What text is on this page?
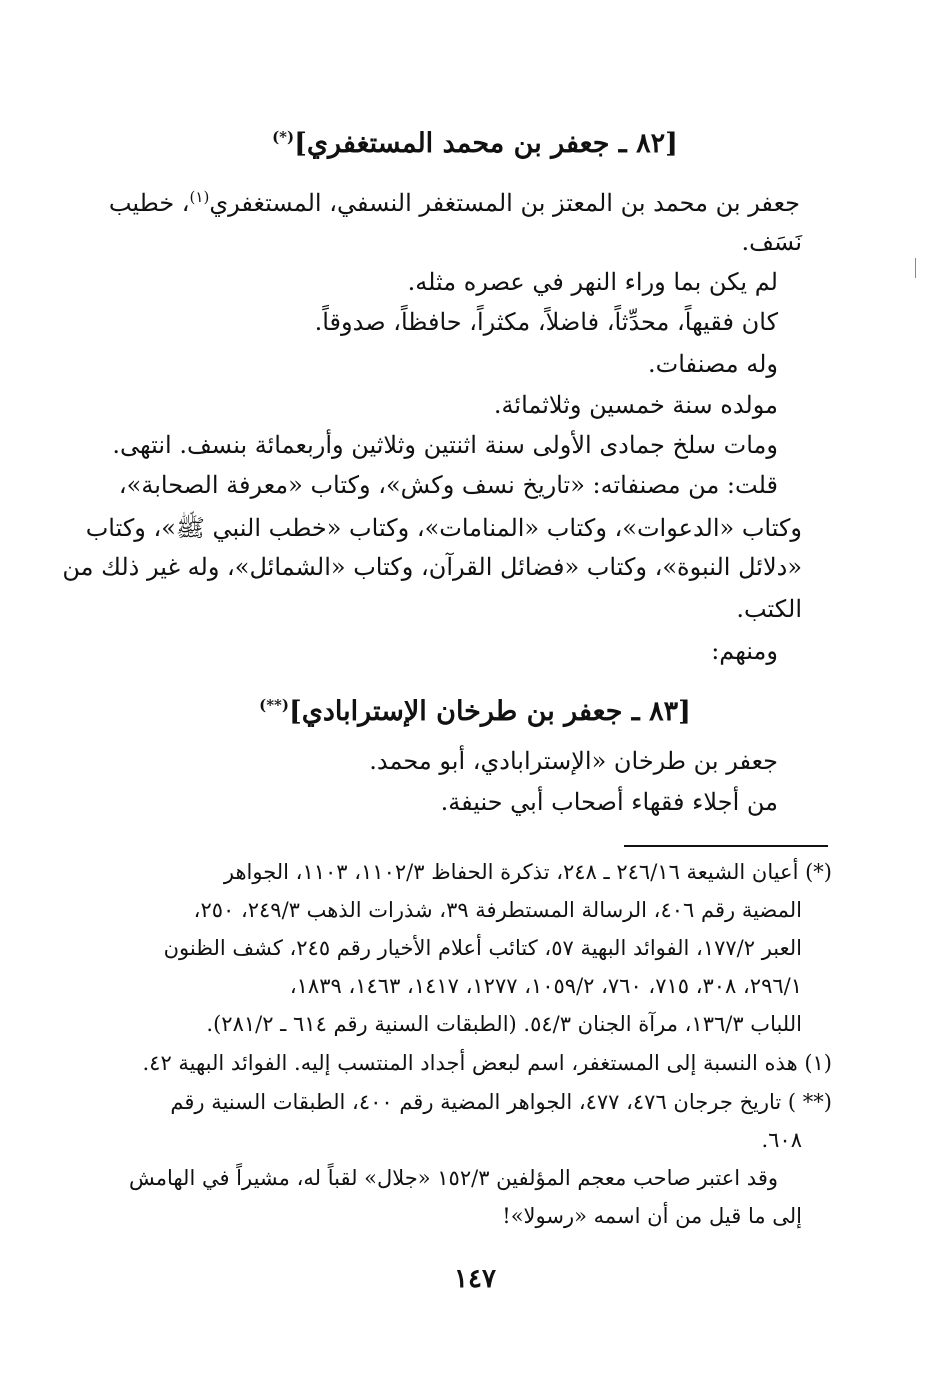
[٨٢ ـ جعفر بن محمد المستغفري](*)
جعفر بن محمد بن المعتز بن المستغفر النسفي، المستغفري$^{(١)}$، خطيب
نَسَف.
لم يكن بما وراء النهر في عصره مثله.
كان فقيهاً، محدِّثاً، فاضلاً، مكثراً، حافظاً، صدوقاً.
وله مصنفات.
مولده سنة خمسين وثلاثمائة.
ومات سلخ جمادى الأولى سنة اثنتين وثلاثين وأربعمائة بنسف. انتهى.
قلت: من مصنفاته: «تاريخ نسف وكش»، وكتاب «معرفة الصحابة»،
وكتاب «الدعوات»، وكتاب «المنامات»، وكتاب «خطب النبي ﷺ»، وكتاب
«دلائل النبوة»، وكتاب «فضائل القرآن، وكتاب «الشمائل»، وله غير ذلك من
الكتب.
ومنهم:
[٨٣ ـ جعفر بن طرخان الإسترابادي](**)
جعفر بن طرخان «الإسترابادي، أبو محمد.
من أجلاء فقهاء أصحاب أبي حنيفة.
(*) أعيان الشيعة ٢٤٦/١٦ ـ ٢٤٨، تذكرة الحفاظ ١١٠٢/٣، ١١٠٣، الجواهر
المضية رقم ٤٠٦، الرسالة المستطرفة ٣٩، شذرات الذهب ٢٤٩/٣، ٢٥٠،
العبر ١٧٧/٢، الفوائد البهية ٥٧، كتائب أعلام الأخيار رقم ٢٤٥، كشف الظنون
٢٩٦/١، ٣٠٨، ٧١٥، ٧٦٠، ١٠٥٩/٢، ١٢٧٧، ١٤١٧، ١٤٦٣، ١٨٣٩،
اللباب ١٣٦/٣، مرآة الجنان ٥٤/٣. (الطبقات السنية رقم ٦١٤ ـ ٢٨١/٢).
(١) هذه النسبة إلى المستغفر، اسم لبعض أجداد المنتسب إليه. الفوائد البهية ٤٢.
(** ) تاريخ جرجان ٤٧٦، ٤٧٧، الجواهر المضية رقم ٤٠٠، الطبقات السنية رقم
٦٠٨.
وقد اعتبر صاحب معجم المؤلفين ١٥٢/٣ «جلال» لقباً له، مشيراً في الهامش
إلى ما قيل من أن اسمه «رسولا»!
١٤٧
